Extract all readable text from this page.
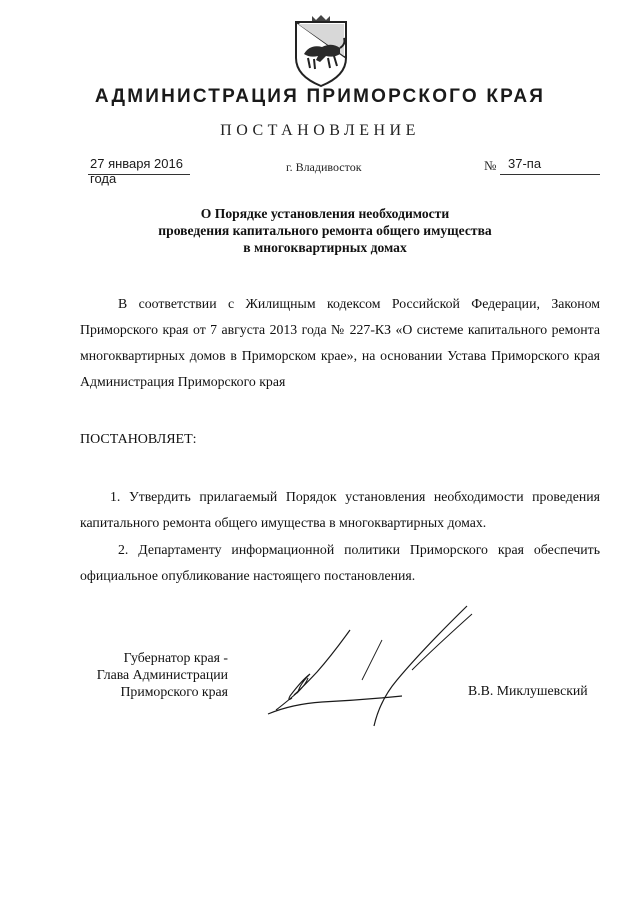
АДМИНИСТРАЦИЯ ПРИМОРСКОГО КРАЯ
ПОСТАНОВЛЕНИЕ
27 января 2016 года
г. Владивосток	№ 37-па
О Порядке установления необходимости
проведения капитального ремонта общего имущества
в многоквартирных домах
В соответствии с Жилищным кодексом Российской Федерации, Законом Приморского края от 7 августа 2013 года № 227-КЗ «О системе капитального ремонта многоквартирных домов в Приморском крае», на основании Устава Приморского края Администрация Приморского края
ПОСТАНОВЛЯЕТ:
1. Утвердить прилагаемый Порядок установления необходимости проведения капитального ремонта общего имущества в многоквартирных домах.
2. Департаменту информационной политики Приморского края обеспечить официальное опубликование настоящего постановления.
Губернатор края -
Глава Администрации
Приморского края	В.В. Миклушевский
